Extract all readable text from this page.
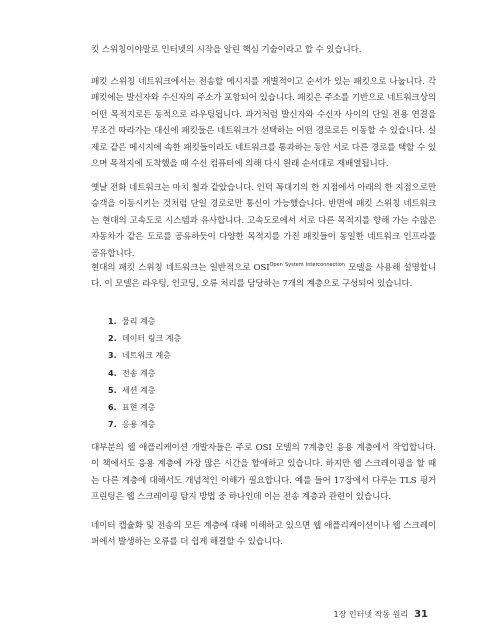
킷 스위칭이야말로 인터넷의 시작을 알린 핵심 기술이라고 할 수 있습니다.

패킷 스위칭 네트워크에서는 전송할 메시지를 개별적이고 순서가 있는 패킷으로 나눕니다. 각 패킷에는 발신자와 수신자의 주소가 포함되어 있습니다. 패킷은 주소를 기반으로 네트워크상의 어떤 목적지로든 동적으로 라우팅됩니다. 과거처럼 발신자와 수신자 사이의 단일 전용 연결을 무조건 따라가는 대신에 패킷들은 네트워크가 선택하는 어떤 경로로든 이동할 수 있습니다. 실제로 같은 메시지에 속한 패킷들이라도 네트워크를 통과하는 동안 서로 다른 경로를 택할 수 있으며 목적지에 도착했을 때 수신 컴퓨터에 의해 다시 원래 순서대로 재배열됩니다.

옛날 전화 네트워크는 마치 철과 같았습니다. 인덕 꼭대기의 한 지점에서 아래의 한 지점으로만 승객을 이동시키는 것처럼 단일 경로로만 통신이 가능했습니다. 반면에 패킷 스위칭 네트워크는 현대의 고속도로 시스템과 유사합니다. 고속도로에서 서로 다른 목적지를 향해 가는 수많은 자동차가 같은 도로를 공유하듯이 다양한 목적지를 가진 패킷들이 동일한 네트워크 인프라를 공유합니다.

현대의 패킷 스위칭 네트워크는 일반적으로 $OSI^{Open System Interconnection}$ 모델을 사용해 설명합니다. 이 모델은 라우팅, 인코딩, 오류 처리를 담당하는 7개의 계층으로 구성되어 있습니다.

1. 물리 계층
2. 데이터 링크 계층
3. 네트워크 계층
4. 전송 계층
5. 세션 계층
6. 표현 계층
7. 응용 계층

대부분의 웹 애플리케이션 개발자들은 주로 OSI 모델의 7계층인 응용 계층에서 작업합니다. 이 책에서도 응용 계층에 가장 많은 시간을 할애하고 있습니다. 하지만 웹 스크레이핑을 할 때는 다른 계층에 대해서도 개념적인 이해가 필요합니다. 예를 들어 17장에서 다루는 TLS 핑거프린팅은 웹 스크레이핑 탐지 방법 중 하나인데 이는 전송 계층과 관련이 있습니다.

네이터 캡슐화 및 전송의 모든 계층에 대해 이해하고 있으면 웹 애플리케이션이나 웹 스크레이퍼에서 발생하는 오류를 더 쉽게 해결할 수 있습니다.

1장 인터넷 작동 원리 31
